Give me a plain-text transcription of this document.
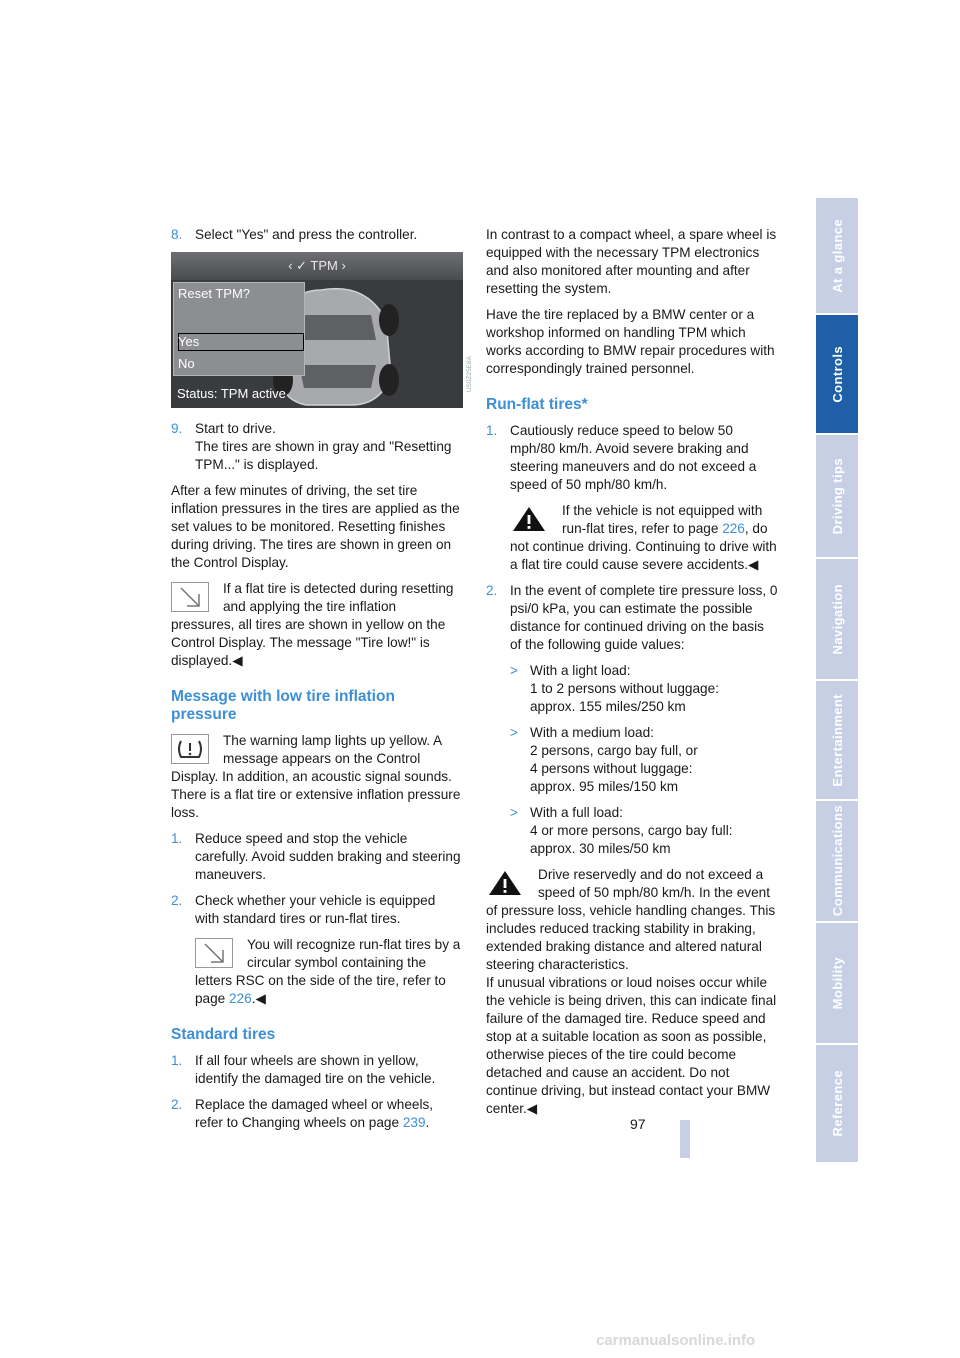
8. Select "Yes" and press the controller.
‹ ✓ TPM ›
Reset TPM?
Yes
No
Status: TPM active
9. Start to drive.
The tires are shown in gray and "Resetting TPM..." is displayed.

After a few minutes of driving, the set tire inflation pressures in the tires are applied as the set values to be monitored. Resetting finishes during driving. The tires are shown in green on the Control Display.

If a flat tire is detected during resetting and applying the tire inflation pressures, all tires are shown in yellow on the Control Display. The message "Tire low!" is displayed.◀
Message with low tire inflation pressure
The warning lamp lights up yellow. A message appears on the Control Display. In addition, an acoustic signal sounds. There is a flat tire or extensive inflation pressure loss.
1. Reduce speed and stop the vehicle carefully. Avoid sudden braking and steering maneuvers.
2. Check whether your vehicle is equipped with standard tires or run-flat tires.
You will recognize run-flat tires by a circular symbol containing the letters RSC on the side of the tire, refer to page 226.◀
Standard tires
1. If all four wheels are shown in yellow, identify the damaged tire on the vehicle.
2. Replace the damaged wheel or wheels, refer to Changing wheels on page 239.
US0Z25E8A

In contrast to a compact wheel, a spare wheel is equipped with the necessary TPM electronics and also monitored after mounting and after resetting the system.

Have the tire replaced by a BMW center or a workshop informed on handling TPM which works according to BMW repair procedures with correspondingly trained personnel.

Run-flat tires*
1. Cautiously reduce speed to below 50 mph/80 km/h. Avoid severe braking and steering maneuvers and do not exceed a speed of 50 mph/80 km/h.
If the vehicle is not equipped with run-flat tires, refer to page 226, do not continue driving. Continuing to drive with a flat tire could cause severe accidents.◀
2. In the event of complete tire pressure loss, 0 psi/0 kPa, you can estimate the possible distance for continued driving on the basis of the following guide values:
> With a light load:
1 to 2 persons without luggage:
approx. 155 miles/250 km
> With a medium load:
2 persons, cargo bay full, or
4 persons without luggage:
approx. 95 miles/150 km
> With a full load:
4 or more persons, cargo bay full:
approx. 30 miles/50 km
Drive reservedly and do not exceed a speed of 50 mph/80 km/h. In the event of pressure loss, vehicle handling changes. This includes reduced tracking stability in braking, extended braking distance and altered natural steering characteristics.
If unusual vibrations or loud noises occur while the vehicle is being driven, this can indicate final failure of the damaged tire. Reduce speed and stop at a suitable location as soon as possible, otherwise pieces of the tire could become detached and cause an accident. Do not continue driving, but instead contact your BMW center.◀
At a glance
Controls
Driving tips
Navigation
Entertainment
Communications
Mobility
Reference
97
carmanualsonline.info
